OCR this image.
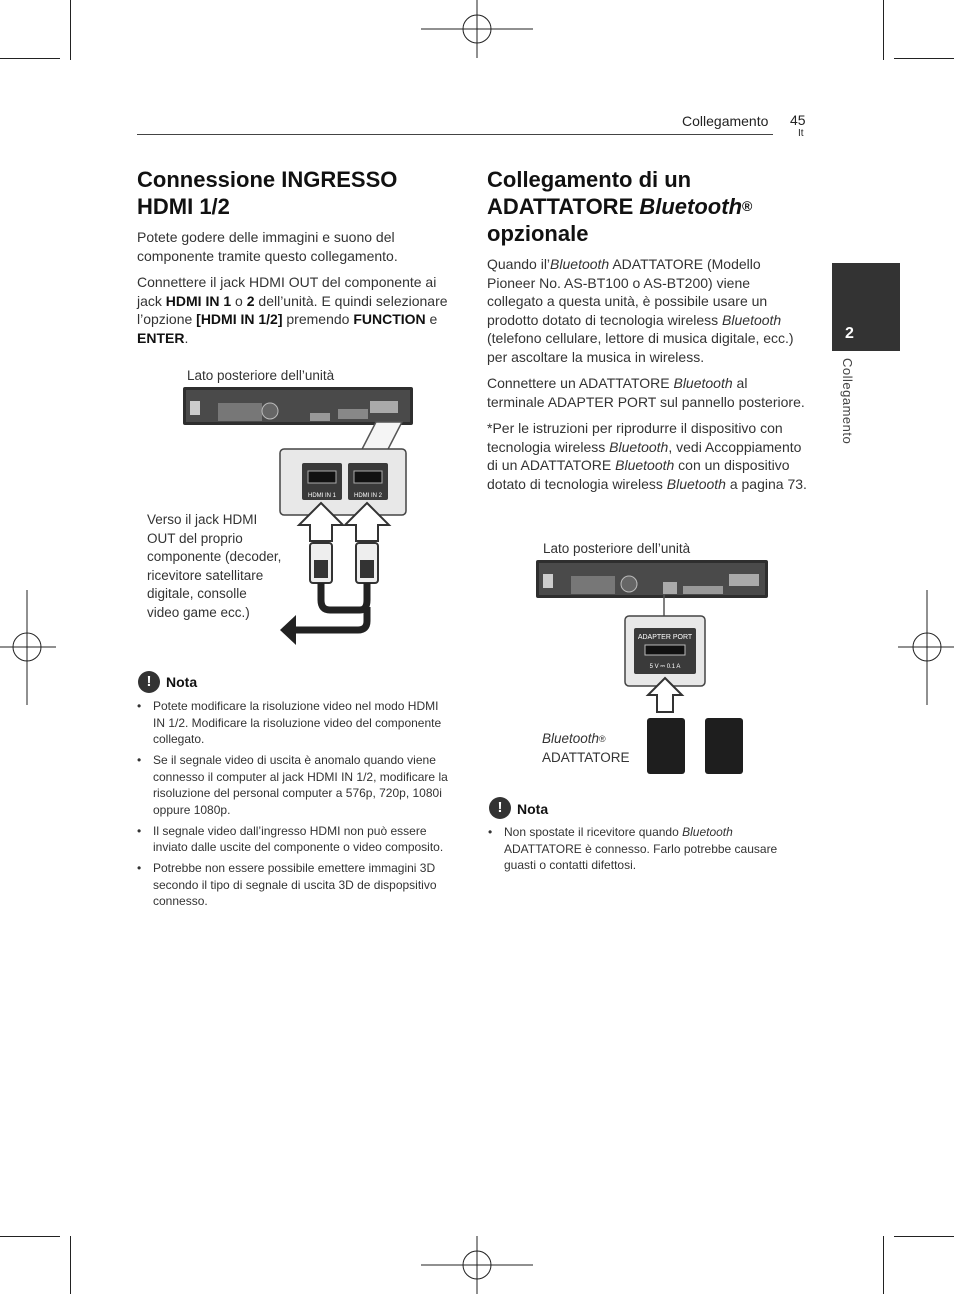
Collegamento 45
It
2
Collegamento
Connessione INGRESSO HDMI 1/2

Potete godere delle immagini e suono del componente tramite questo collegamento.

Connettere il jack HDMI OUT del componente ai jack HDMI IN 1 o 2 dell’unità. E quindi selezionare l’opzione [HDMI IN 1/2] premendo FUNCTION e ENTER.

Lato posteriore dell’unità
HDMI IN 1	HDMI IN 2
Verso il jack HDMI OUT del proprio componente (decoder, ricevitore satellitare digitale, consolle video game ecc.)
!	Nota
• Potete modificare la risoluzione video nel modo HDMI IN 1/2. Modificare la risoluzione video del componente collegato.
• Se il segnale video di uscita è anomalo quando viene connesso il computer al jack HDMI IN 1/2, modificare la risoluzione del personal computer a 576p, 720p, 1080i oppure 1080p.
• Il segnale video dall’ingresso HDMI non può essere inviato dalle uscite del componente o video composito.
• Potrebbe non essere possibile emettere immagini 3D secondo il tipo di segnale di uscita 3D de dispopsitivo connesso.
Collegamento di un
ADATTATORE Bluetooth®
opzionale

Quando il’Bluetooth ADATTATORE (Modello Pioneer No. AS-BT100 o AS-BT200) viene collegato a questa unità, è possibile usare un prodotto dotato di tecnologia wireless Bluetooth (telefono cellulare, lettore di musica digitale, ecc.) per ascoltare la musica in wireless.

Connettere un ADATTATORE Bluetooth al terminale ADAPTER PORT sul pannello posteriore.

*Per le istruzioni per riprodurre il dispositivo con tecnologia wireless Bluetooth, vedi Accoppiamento di un ADATTATORE Bluetooth con un dispositivo dotato di tecnologia wireless Bluetooth a pagina 73.

Lato posteriore dell’unità
ADAPTER PORT
5 V ⎓ 0.1 A
Bluetooth®
ADATTATORE
!	Nota
• Non spostate il ricevitore quando Bluetooth ADATTATORE è connesso. Farlo potrebbe causare guasti o contatti difettosi.
